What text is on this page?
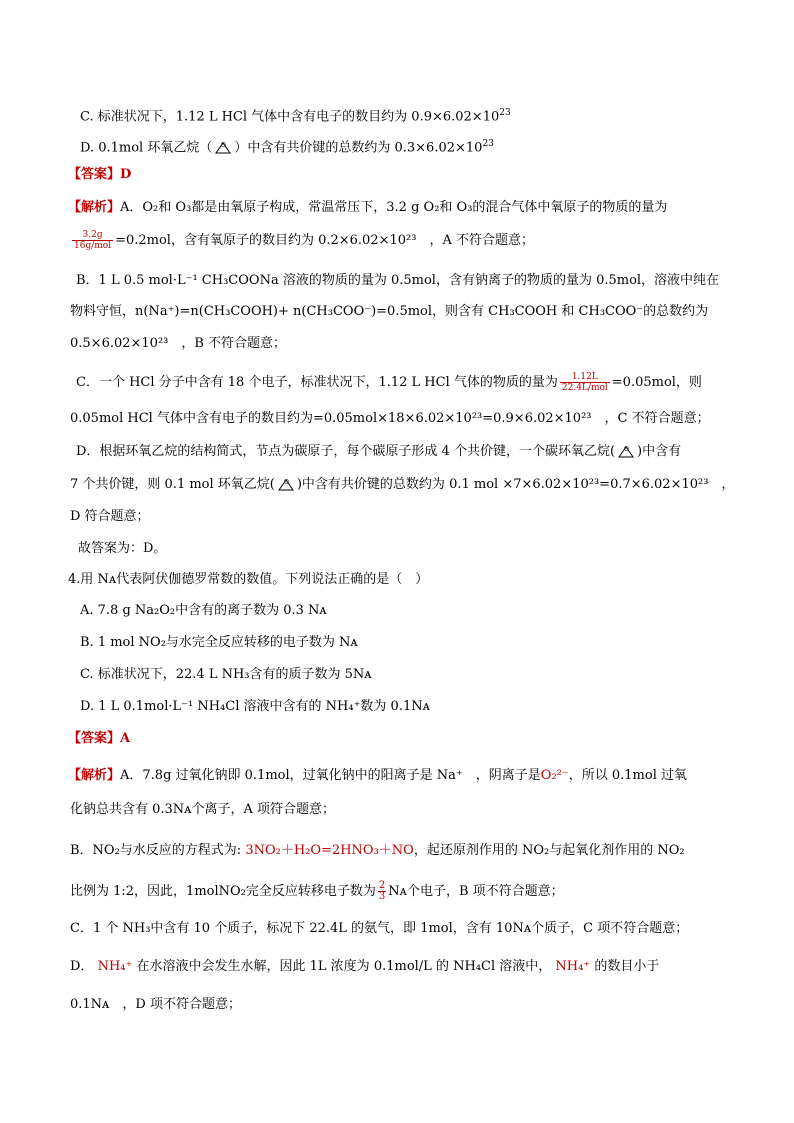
C. 标准状况下，1.12 L HCl 气体中含有电子的数目约为 $0.9\times 6.02\times 10^{23}$
D. 0.1mol 环氧乙烷（ O ）中含有共价键的总数约为 $0.3\times 6.02\times 10^{23}$
【答案】D
【解析】A．O₂和 O₃都是由氧原子构成，常温常压下，3.2 g O₂和 O₃的混合气体中氧原子的物质的量为
$\frac{3.2g}{\text{16g/mol}} =0.2mol$，含有氧原子的数目约为 0.2×6.02×10²³　，A 不符合题意；
B．1 L 0.5 mol·L⁻¹ CH₃COONa 溶液的物质的量为 0.5mol，含有钠离子的物质的量为 0.5mol，溶液中纯在
物料守恒，n(Na⁺)=n(CH₃COOH)+ n(CH₃COO⁻)=0.5mol，则含有 CH₃COOH 和 CH₃COO⁻的总数约为
0.5×6.02×10²³　，B 不符合题意；
C．一个 HCl 分子中含有 18 个电子，标准状况下，1.12 L HCl 气体的物质的量为 $\frac{1.12L}{\text{22.4L/mol}} =0.05mol$，则
0.05mol HCl 气体中含有电子的数目约为=0.05mol×18×6.02×10²³=0.9×6.02×10²³　，C 不符合题意；
D．根据环氧乙烷的结构简式，节点为碳原子，每个碳原子形成 4 个共价键，一个碳环氧乙烷( O )中含有
7 个共价键，则 0.1 mol 环氧乙烷( O )中含有共价键的总数约为 0.1 mol ×7×6.02×10²³=0.7×6.02×10²³　，
D 符合题意；
故答案为：D。
4.用 Nᴀ代表阿伏伽德罗常数的数值。下列说法正确的是（　）
A. 7.8 g Na₂O₂中含有的离子数为 0.3 Nᴀ
B. 1 mol NO₂与水完全反应转移的电子数为 Nᴀ
C. 标准状况下，22.4 L NH₃含有的质子数为 5Nᴀ
D. 1 L 0.1mol·L⁻¹ NH₄Cl 溶液中含有的 NH₄⁺数为 0.1Nᴀ
【答案】A
【解析】A．7.8g 过氧化钠即 0.1mol，过氧化钠中的阳离子是 Na⁺　，阴离子是O₂²⁻，所以 0.1mol 过氧
化钠总共含有 0.3Nᴀ个离子，A 项符合题意；
B．NO₂与水反应的方程式为: 3NO₂＋H₂O=2HNO₃＋NO，起还原剂作用的 NO₂与起氧化剂作用的 NO₂
比例为 1:2，因此，1molNO₂完全反应转移电子数为 $\frac{2}{3}$ Nᴀ个电子，B 项不符合题意；
C．1 个 NH₃中含有 10 个质子，标况下 22.4L 的氨气，即 1mol，含有 10Nᴀ个质子，C 项不符合题意；
D． NH₄⁺ 在水溶液中会发生水解，因此 1L 浓度为 0.1mol/L 的 NH₄Cl 溶液中， NH₄⁺ 的数目小于
0.1Nᴀ　，D 项不符合题意；
